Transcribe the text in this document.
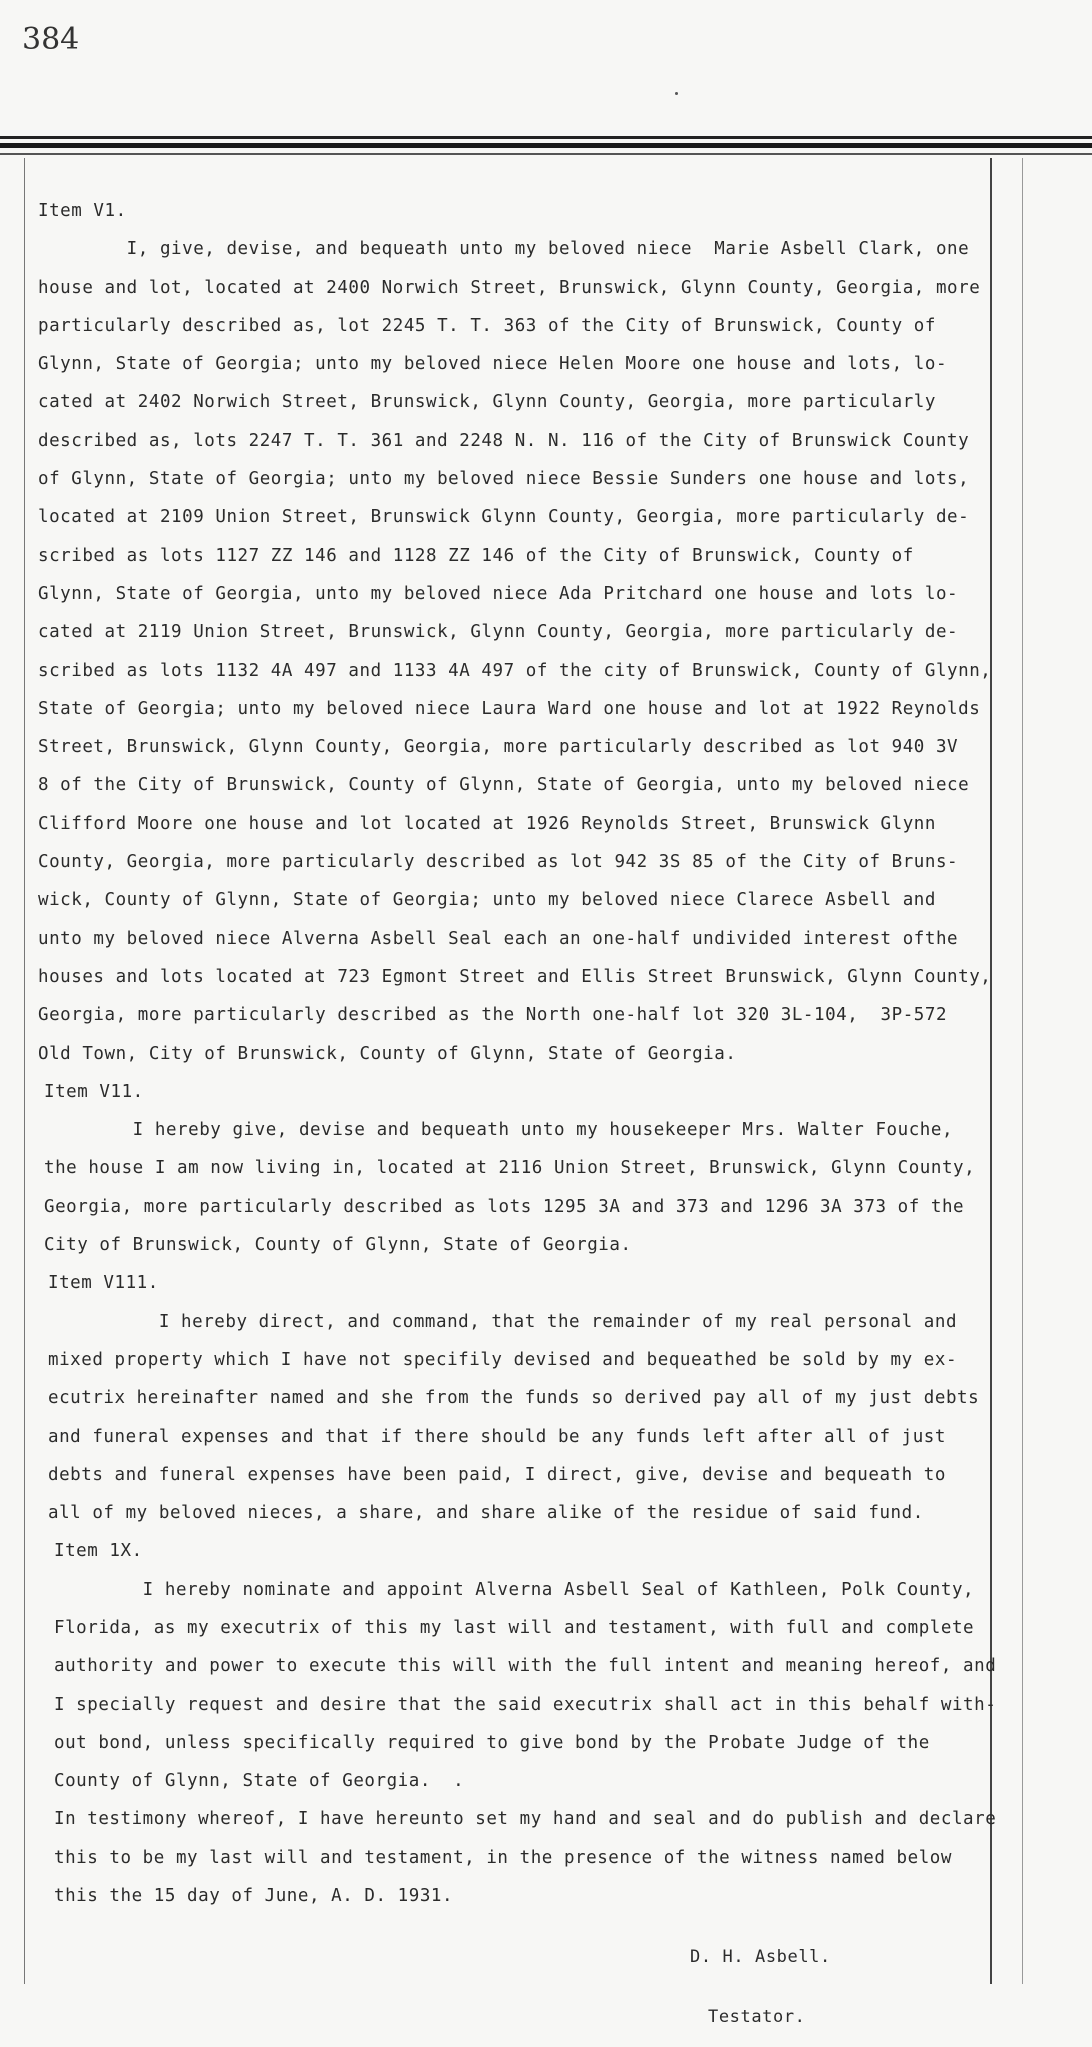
384
Item V1.
I, give, devise, and bequeath unto my beloved niece  Marie Asbell Clark, one
house and lot, located at 2400 Norwich Street, Brunswick, Glynn County, Georgia, more
particularly described as, lot 2245 T. T. 363 of the City of Brunswick, County of
Glynn, State of Georgia; unto my beloved niece Helen Moore one house and lots, lo-
cated at 2402 Norwich Street, Brunswick, Glynn County, Georgia, more particularly
described as, lots 2247 T. T. 361 and 2248 N. N. 116 of the City of Brunswick County
of Glynn, State of Georgia; unto my beloved niece Bessie Sunders one house and lots,
located at 2109 Union Street, Brunswick Glynn County, Georgia, more particularly de-
scribed as lots 1127 ZZ 146 and 1128 ZZ 146 of the City of Brunswick, County of
Glynn, State of Georgia, unto my beloved niece Ada Pritchard one house and lots lo-
cated at 2119 Union Street, Brunswick, Glynn County, Georgia, more particularly de-
scribed as lots 1132 4A 497 and 1133 4A 497 of the city of Brunswick, County of Glynn,
State of Georgia; unto my beloved niece Laura Ward one house and lot at 1922 Reynolds
Street, Brunswick, Glynn County, Georgia, more particularly described as lot 940 3V
8 of the City of Brunswick, County of Glynn, State of Georgia, unto my beloved niece
Clifford Moore one house and lot located at 1926 Reynolds Street, Brunswick Glynn
County, Georgia, more particularly described as lot 942 3S 85 of the City of Bruns-
wick, County of Glynn, State of Georgia; unto my beloved niece Clarece Asbell and
unto my beloved niece Alverna Asbell Seal each an one-half undivided interest ofthe
houses and lots located at 723 Egmont Street and Ellis Street Brunswick, Glynn County,
Georgia, more particularly described as the North one-half lot 320 3L-104,  3P-572
Old Town, City of Brunswick, County of Glynn, State of Georgia.
Item V11.
I hereby give, devise and bequeath unto my housekeeper Mrs. Walter Fouche,
the house I am now living in, located at 2116 Union Street, Brunswick, Glynn County,
Georgia, more particularly described as lots 1295 3A and 373 and 1296 3A 373 of the
City of Brunswick, County of Glynn, State of Georgia.
Item V111.
I hereby direct, and command, that the remainder of my real personal and
mixed property which I have not specifily devised and bequeathed be sold by my ex-
ecutrix hereinafter named and she from the funds so derived pay all of my just debts
and funeral expenses and that if there should be any funds left after all of just
debts and funeral expenses have been paid, I direct, give, devise and bequeath to
all of my beloved nieces, a share, and share alike of the residue of said fund.
Item 1X.
I hereby nominate and appoint Alverna Asbell Seal of Kathleen, Polk County,
Florida, as my executrix of this my last will and testament, with full and complete
authority and power to execute this will with the full intent and meaning hereof, and
I specially request and desire that the said executrix shall act in this behalf with-
out bond, unless specifically required to give bond by the Probate Judge of the
County of Glynn, State of Georgia.  .
In testimony whereof, I have hereunto set my hand and seal and do publish and declare
this to be my last will and testament, in the presence of the witness named below
this the 15 day of June, A. D. 1931.

D. H. Asbell.

Testator.
